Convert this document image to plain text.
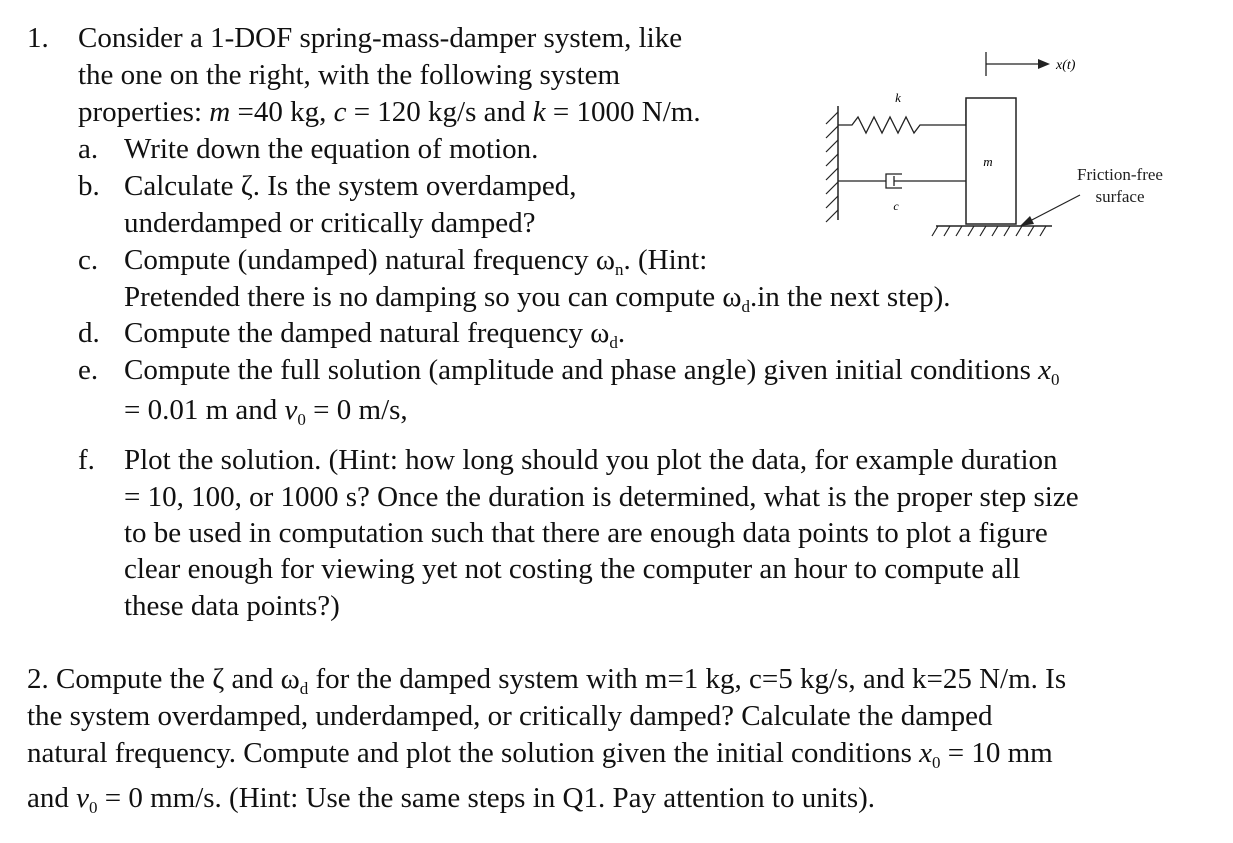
1. Consider a 1-DOF spring-mass-damper system, like
the one on the right, with the following system
properties: m =40 kg, c = 120 kg/s and k = 1000 N/m.
a. Write down the equation of motion.
b. Calculate ζ. Is the system overdamped,
underdamped or critically damped?
c. Compute (undamped) natural frequency $\omega_n$. (Hint:
Pretended there is no damping so you can compute $\omega_d.in$ the next step).
d. Compute the damped natural frequency $\omega_d$.
e. Compute the full solution (amplitude and phase angle) given initial conditions $x_0$
= 0.01 m and $v_0 = 0$ m/s,
f. Plot the solution. (Hint: how long should you plot the data, for example duration
= 10, 100, or 1000 s? Once the duration is determined, what is the proper step size
to be used in computation such that there are enough data points to plot a figure
clear enough for viewing yet not costing the computer an hour to compute all
these data points?)
2. Compute the ζ and $\omega_d$ for the damped system with m=1 kg, c=5 kg/s, and k=25 N/m. Is
the system overdamped, underdamped, or critically damped? Calculate the damped
natural frequency. Compute and plot the solution given the initial conditions $x_0 = 10$ mm
and $v_0 = 0$ mm/s. (Hint: Use the same steps in Q1. Pay attention to units).
k
c
m
x(t)
Friction-free
surface
